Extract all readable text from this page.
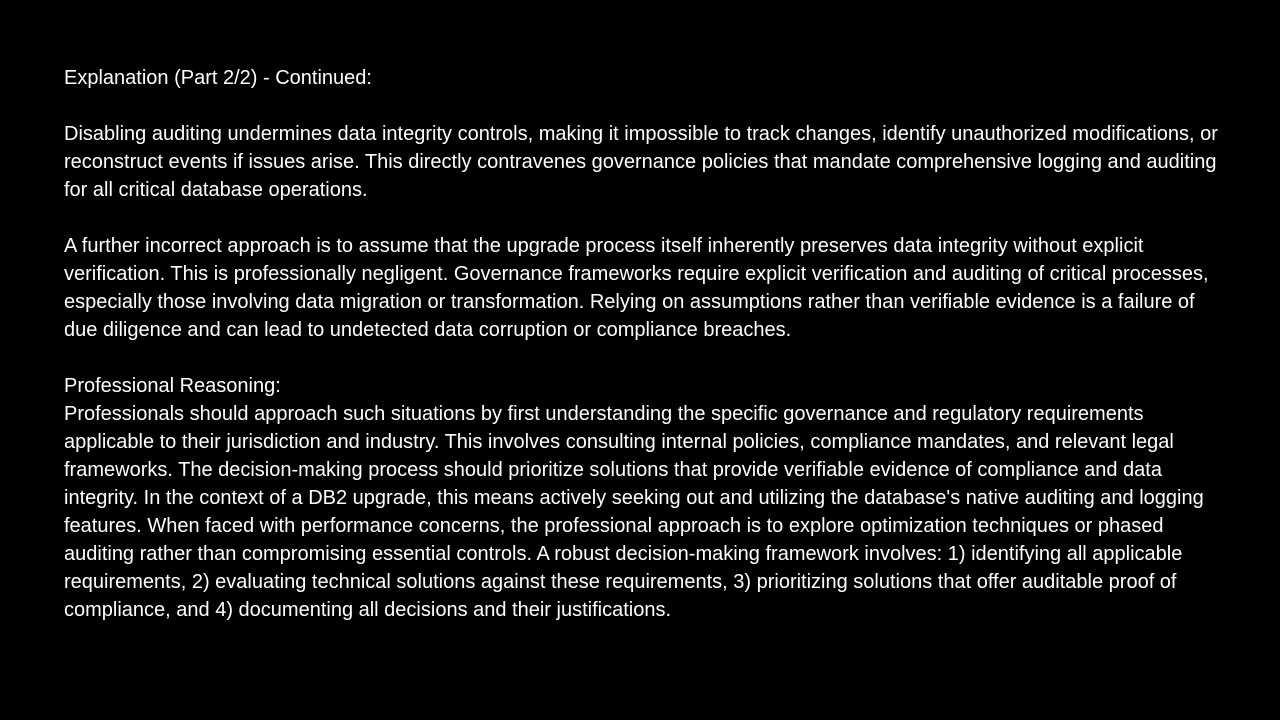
Explanation (Part 2/2) - Continued:

Disabling auditing undermines data integrity controls, making it impossible to track changes, identify unauthorized modifications, or reconstruct events if issues arise. This directly contravenes governance policies that mandate comprehensive logging and auditing for all critical database operations.

A further incorrect approach is to assume that the upgrade process itself inherently preserves data integrity without explicit verification. This is professionally negligent. Governance frameworks require explicit verification and auditing of critical processes, especially those involving data migration or transformation. Relying on assumptions rather than verifiable evidence is a failure of due diligence and can lead to undetected data corruption or compliance breaches.

Professional Reasoning:

Professionals should approach such situations by first understanding the specific governance and regulatory requirements applicable to their jurisdiction and industry. This involves consulting internal policies, compliance mandates, and relevant legal frameworks. The decision-making process should prioritize solutions that provide verifiable evidence of compliance and data integrity. In the context of a DB2 upgrade, this means actively seeking out and utilizing the database's native auditing and logging features. When faced with performance concerns, the professional approach is to explore optimization techniques or phased auditing rather than compromising essential controls. A robust decision-making framework involves: 1) identifying all applicable requirements, 2) evaluating technical solutions against these requirements, 3) prioritizing solutions that offer auditable proof of compliance, and 4) documenting all decisions and their justifications.
